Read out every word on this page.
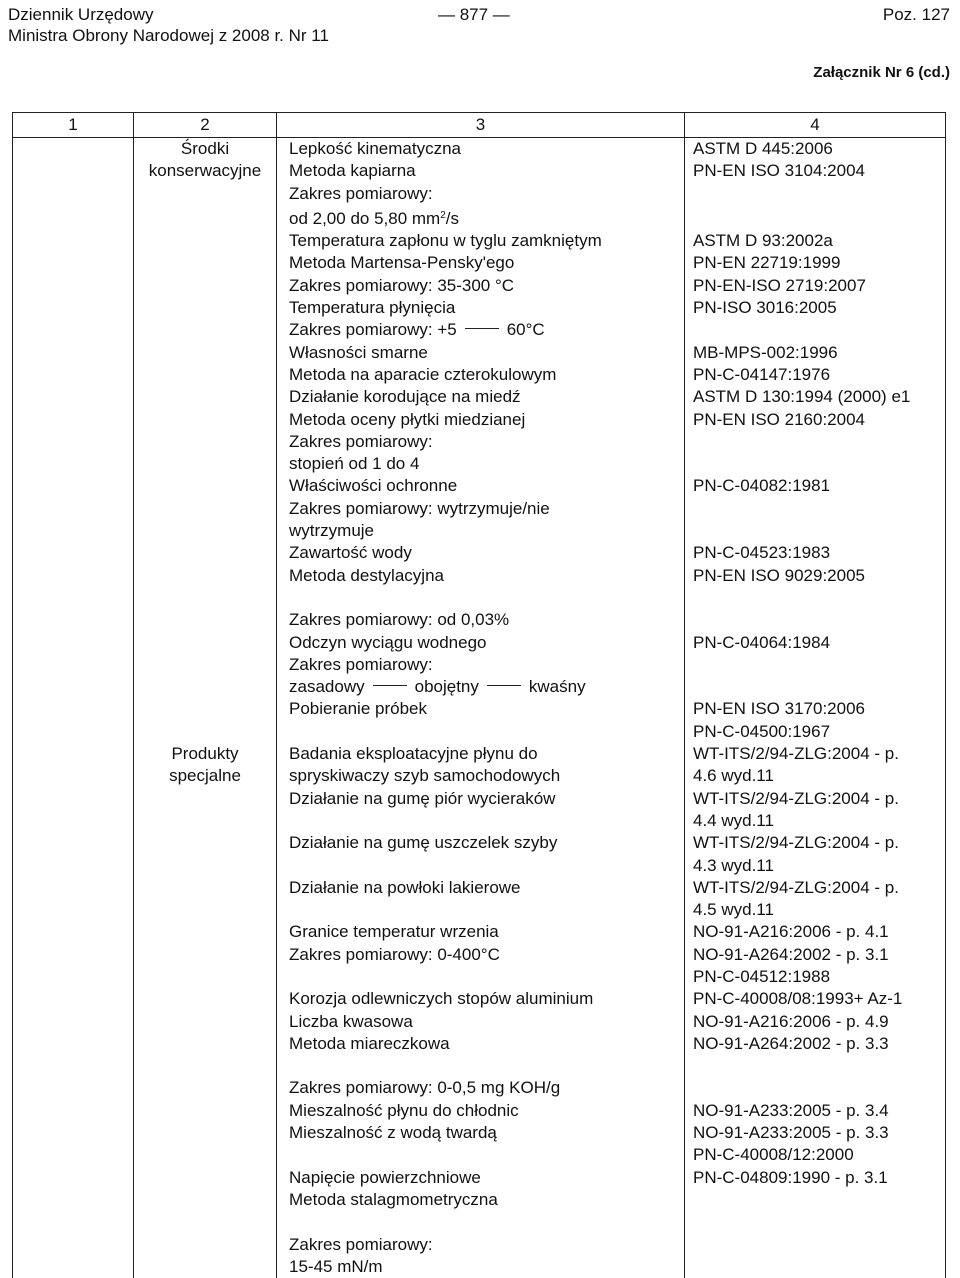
Dziennik Urzędowy
Ministra Obrony Narodowej z 2008 r. Nr 11
— 877 —	Poz. 127
Załącznik Nr 6 (cd.)
1	2	3	4

	Środki
konserwacyjne	Lepkość kinematyczna
Metoda kapiarna
Zakres pomiarowy:
od 2,00 do 5,80 $mm^2/s$	ASTM D 445:2006
PN-EN ISO 3104:2004

		Temperatura zapłonu w tyglu zamkniętym
Metoda Martensa-Pensky'ego
Zakres pomiarowy: 35-300 °C	ASTM D 93:2002a
PN-EN 22719:1999
PN-EN-ISO 2719:2007

		Temperatura płynięcia
Zakres pomiarowy: +5 60°C	PN-ISO 3016:2005

		Własności smarne
Metoda na aparacie czterokulowym	MB-MPS-002:1996
PN-C-04147:1976

		Działanie korodujące na miedź
Metoda oceny płytki miedzianej
Zakres pomiarowy:
stopień od 1 do 4	ASTM D 130:1994 (2000) e1
PN-EN ISO 2160:2004

		Właściwości ochronne
Zakres pomiarowy: wytrzymuje/nie
wytrzymuje	PN-C-04082:1981

		Zawartość wody
Metoda destylacyjna

Zakres pomiarowy: od 0,03%	PN-C-04523:1983
PN-EN ISO 9029:2005

		Odczyn wyciągu wodnego
Zakres pomiarowy:
zasadowy obojętny kwaśny	PN-C-04064:1984

		Pobieranie próbek	PN-EN ISO 3170:2006
PN-C-04500:1967

	Produkty
specjalne	Badania eksploatacyjne płynu do
spryskiwaczy szyb samochodowych	WT-ITS/2/94-ZLG:2004 - p.
4.6 wyd.11

		Działanie na gumę piór wycieraków	WT-ITS/2/94-ZLG:2004 - p.
4.4 wyd.11

		Działanie na gumę uszczelek szyby	WT-ITS/2/94-ZLG:2004 - p.
4.3 wyd.11

		Działanie na powłoki lakierowe	WT-ITS/2/94-ZLG:2004 - p.
4.5 wyd.11

		Granice temperatur wrzenia
Zakres pomiarowy: 0-400°C	NO-91-A216:2006 - p. 4.1
NO-91-A264:2002 - p. 3.1
PN-C-04512:1988

		Korozja odlewniczych stopów aluminium	PN-C-40008/08:1993+ Az-1

		Liczba kwasowa
Metoda miareczkowa

Zakres pomiarowy: 0-0,5 mg KOH/g	NO-91-A216:2006 - p. 4.9
NO-91-A264:2002 - p. 3.3

		Mieszalność płynu do chłodnic	NO-91-A233:2005 - p. 3.4

		Mieszalność z wodą twardą	NO-91-A233:2005 - p. 3.3
PN-C-40008/12:2000

		Napięcie powierzchniowe
Metoda stalagmometryczna

Zakres pomiarowy:
15-45 mN/m	PN-C-04809:1990 - p. 3.1
